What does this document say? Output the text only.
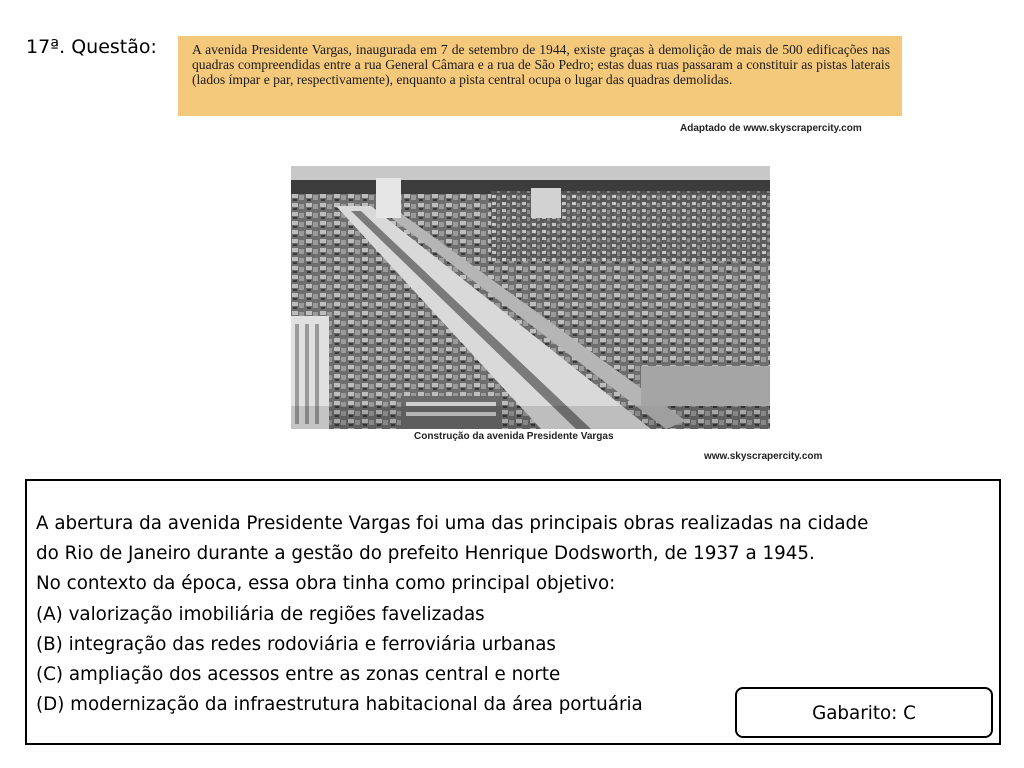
17ª. Questão:	A avenida Presidente Vargas, inaugurada em 7 de setembro de 1944, existe graças à demolição de mais de 500 edificações nas quadras compreendidas entre a rua General Câmara e a rua de São Pedro; estas duas ruas passaram a constituir as pistas laterais (lados ímpar e par, respectivamente), enquanto a pista central ocupa o lugar das quadras demolidas.
Adaptado de www.skyscrapercity.com
Construção da avenida Presidente Vargas
www.skyscrapercity.com

A abertura da avenida Presidente Vargas foi uma das principais obras realizadas na cidade

do Rio de Janeiro durante a gestão do prefeito Henrique Dodsworth, de 1937 a 1945.

No contexto da época, essa obra tinha como principal objetivo:

(A) valorização imobiliária de regiões favelizadas

(B) integração das redes rodoviária e ferroviária urbanas

(C) ampliação dos acessos entre as zonas central e norte

(D) modernização da infraestrutura habitacional da área portuária	Gabarito: C
